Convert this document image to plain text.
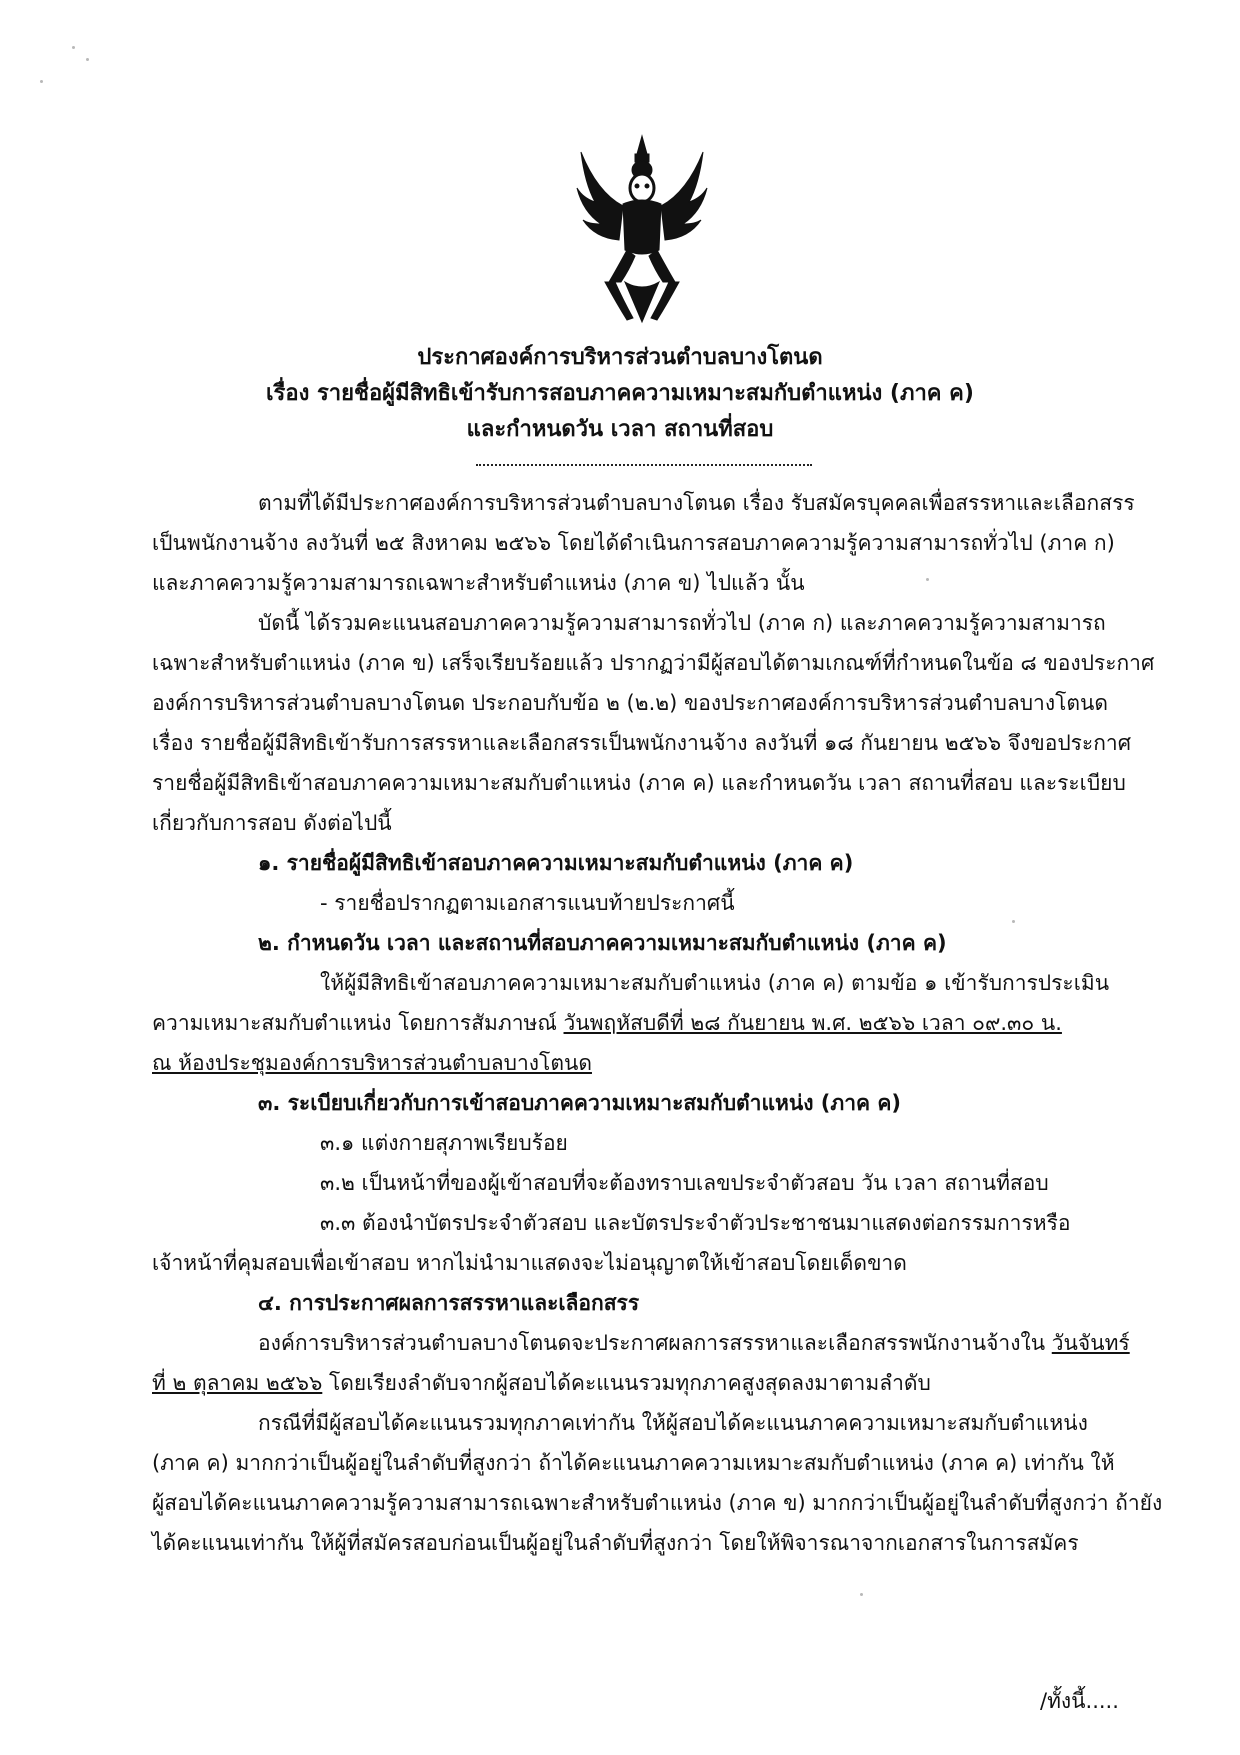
ประกาศองค์การบริหารส่วนตำบลบางโตนด
เรื่อง รายชื่อผู้มีสิทธิเข้ารับการสอบภาคความเหมาะสมกับตำแหน่ง (ภาค ค)
และกำหนดวัน เวลา สถานที่สอบ
ตามที่ได้มีประกาศองค์การบริหารส่วนตำบลบางโตนด เรื่อง รับสมัครบุคคลเพื่อสรรหาและเลือกสรร
เป็นพนักงานจ้าง ลงวันที่ ๒๕ สิงหาคม ๒๕๖๖ โดยได้ดำเนินการสอบภาคความรู้ความสามารถทั่วไป (ภาค ก)
และภาคความรู้ความสามารถเฉพาะสำหรับตำแหน่ง (ภาค ข) ไปแล้ว นั้น
บัดนี้ ได้รวมคะแนนสอบภาคความรู้ความสามารถทั่วไป (ภาค ก) และภาคความรู้ความสามารถ
เฉพาะสำหรับตำแหน่ง (ภาค ข) เสร็จเรียบร้อยแล้ว ปรากฏว่ามีผู้สอบได้ตามเกณฑ์ที่กำหนดในข้อ ๘ ของประกาศ
องค์การบริหารส่วนตำบลบางโตนด ประกอบกับข้อ ๒ (๒.๒) ของประกาศองค์การบริหารส่วนตำบลบางโตนด
เรื่อง รายชื่อผู้มีสิทธิเข้ารับการสรรหาและเลือกสรรเป็นพนักงานจ้าง ลงวันที่ ๑๘ กันยายน ๒๕๖๖ จึงขอประกาศ
รายชื่อผู้มีสิทธิเข้าสอบภาคความเหมาะสมกับตำแหน่ง (ภาค ค) และกำหนดวัน เวลา สถานที่สอบ และระเบียบ
เกี่ยวกับการสอบ ดังต่อไปนี้
๑. รายชื่อผู้มีสิทธิเข้าสอบภาคความเหมาะสมกับตำแหน่ง (ภาค ค)
- รายชื่อปรากฏตามเอกสารแนบท้ายประกาศนี้
๒. กำหนดวัน เวลา และสถานที่สอบภาคความเหมาะสมกับตำแหน่ง (ภาค ค)
ให้ผู้มีสิทธิเข้าสอบภาคความเหมาะสมกับตำแหน่ง (ภาค ค) ตามข้อ ๑ เข้ารับการประเมิน
ความเหมาะสมกับตำแหน่ง โดยการสัมภาษณ์ วันพฤหัสบดีที่ ๒๘ กันยายน พ.ศ. ๒๕๖๖ เวลา ๐๙.๓๐ น.
ณ ห้องประชุมองค์การบริหารส่วนตำบลบางโตนด
๓. ระเบียบเกี่ยวกับการเข้าสอบภาคความเหมาะสมกับตำแหน่ง (ภาค ค)
๓.๑ แต่งกายสุภาพเรียบร้อย
๓.๒ เป็นหน้าที่ของผู้เข้าสอบที่จะต้องทราบเลขประจำตัวสอบ วัน เวลา สถานที่สอบ
๓.๓ ต้องนำบัตรประจำตัวสอบ และบัตรประจำตัวประชาชนมาแสดงต่อกรรมการหรือ
เจ้าหน้าที่คุมสอบเพื่อเข้าสอบ หากไม่นำมาแสดงจะไม่อนุญาตให้เข้าสอบโดยเด็ดขาด
๔. การประกาศผลการสรรหาและเลือกสรร
องค์การบริหารส่วนตำบลบางโตนดจะประกาศผลการสรรหาและเลือกสรรพนักงานจ้างใน วันจันทร์
ที่ ๒ ตุลาคม ๒๕๖๖ โดยเรียงลำดับจากผู้สอบได้คะแนนรวมทุกภาคสูงสุดลงมาตามลำดับ
กรณีที่มีผู้สอบได้คะแนนรวมทุกภาคเท่ากัน ให้ผู้สอบได้คะแนนภาคความเหมาะสมกับตำแหน่ง
(ภาค ค) มากกว่าเป็นผู้อยู่ในลำดับที่สูงกว่า ถ้าได้คะแนนภาคความเหมาะสมกับตำแหน่ง (ภาค ค) เท่ากัน ให้
ผู้สอบได้คะแนนภาคความรู้ความสามารถเฉพาะสำหรับตำแหน่ง (ภาค ข) มากกว่าเป็นผู้อยู่ในลำดับที่สูงกว่า ถ้ายัง
ได้คะแนนเท่ากัน ให้ผู้ที่สมัครสอบก่อนเป็นผู้อยู่ในลำดับที่สูงกว่า โดยให้พิจารณาจากเอกสารในการสมัคร
/ทั้งนี้.....
